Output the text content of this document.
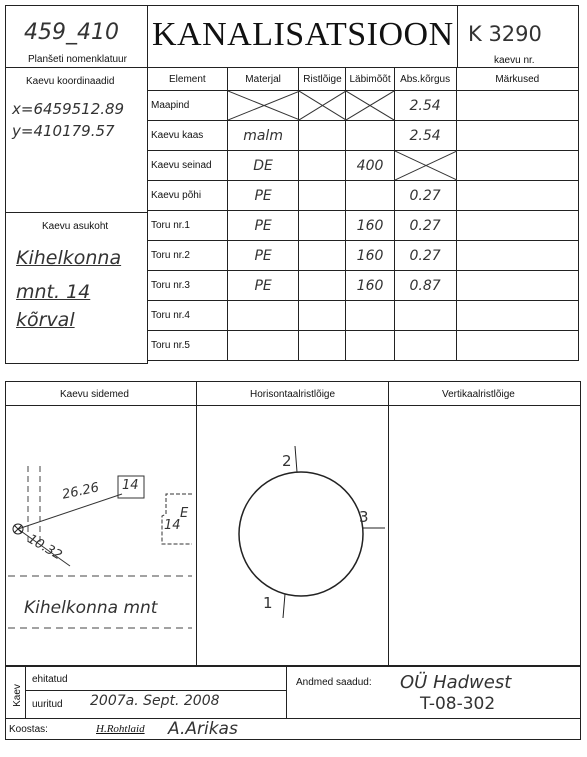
459_410
Planšeti nomenklatuur
KANALISATSIOON K 3290
kaevu nr.
Kaevu koordinaadid
x=6459512.89
y=410179.57
Kaevu asukoht
Kihelkonna
mnt. 14
kõrval
Element	Materjal	Ristlõige	Läbimõõt	Abs.kõrgus	Märkused
Maapind				2.54	
Kaevu kaas	malm			2.54	
Kaevu seinad	DE		400	

Kaevu põhi	PE			0.27	
Toru nr.1	PE		160	0.27	
Toru nr.2	PE		160	0.27	
Toru nr.3	PE		160	0.87	
Toru nr.4					
Toru nr.5					
Kaevu sidemed	Horisontaalristlõige	Vertikaalristlõige
26.26 14
14
E
10.32
Kihelkonna mnt
2
3
1
Kaev
ehitatud
uuritud 2007a. Sept. 2008
Andmed saadud: OÜ Hadwest
T-08-302
Koostas:	H.Rohtlaid A.Arikas
